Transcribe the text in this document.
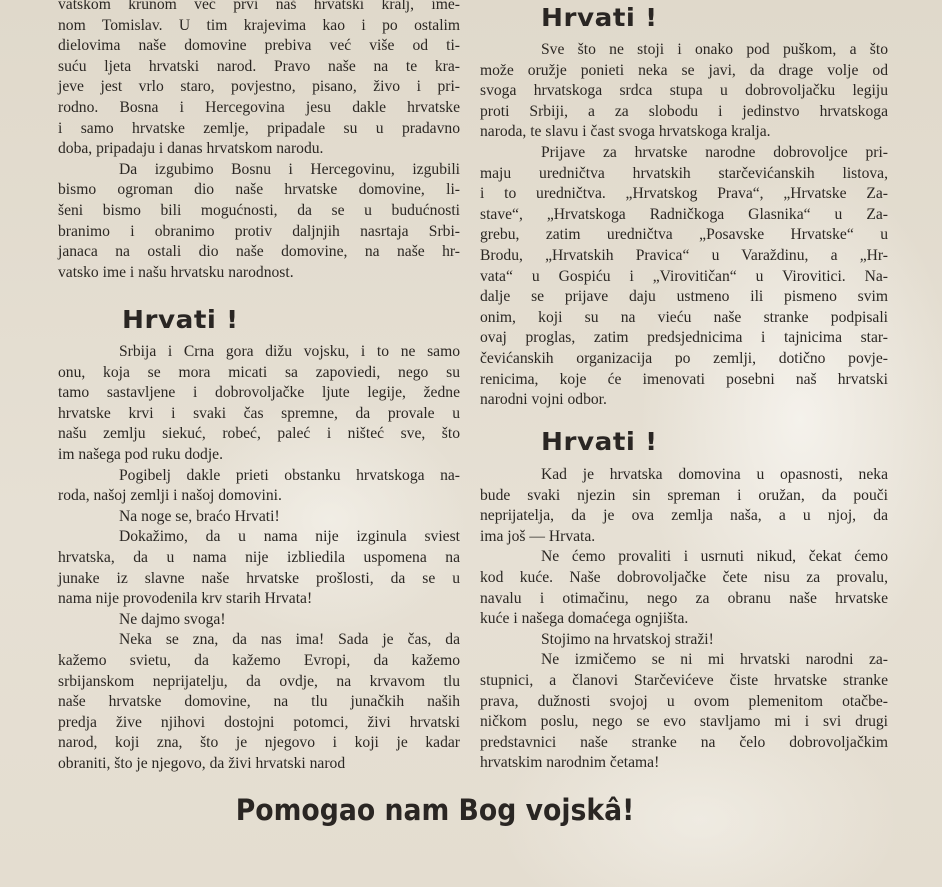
vatskom krunom već prvi naš hrvatski kralj, ime-
nom Tomislav. U tim krajevima kao i po ostalim
dielovima naše domovine prebiva već više od ti-
suću ljeta hrvatski narod. Pravo naše na te kra-
jeve jest vrlo staro, povjestno, pisano, živo i pri-
rodno. Bosna i Hercegovina jesu dakle hrvatske
i samo hrvatske zemlje, pripadale su u pradavno
doba, pripadaju i danas hrvatskom narodu.
Da izgubimo Bosnu i Hercegovinu, izgubili
bismo ogroman dio naše hrvatske domovine, li-
šeni bismo bili mogućnosti, da se u budućnosti
branimo i obranimo protiv daljnjih nasrtaja Srbi-
janaca na ostali dio naše domovine, na naše hr-
vatsko ime i našu hrvatsku narodnost.
Hrvati !
Srbija i Crna gora dižu vojsku, i to ne samo
onu, koja se mora micati sa zapoviedi, nego su
tamo sastavljene i dobrovoljačke ljute legije, žedne
hrvatske krvi i svaki čas spremne, da provale u
našu zemlju siekuć, robeć, paleć i ništeć sve, što
im našega pod ruku dodje.
Pogibelj dakle prieti obstanku hrvatskoga na-
roda, našoj zemlji i našoj domovini.
Na noge se, braćo Hrvati!
Dokažimo, da u nama nije izginula sviest
hrvatska, da u nama nije izbliedila uspomena na
junake iz slavne naše hrvatske prošlosti, da se u
nama nije provodenila krv starih Hrvata!
Ne dajmo svoga!
Neka se zna, da nas ima! Sada je čas, da
kažemo svietu, da kažemo Evropi, da kažemo
srbijanskom neprijatelju, da ovdje, na krvavom tlu
naše hrvatske domovine, na tlu junačkih naših
predja žive njihovi dostojni potomci, živi hrvatski
narod, koji zna, što je njegovo i koji je kadar
obraniti, što je njegovo, da živi hrvatski narod
Hrvati !
Sve što ne stoji i onako pod puškom, a što
može oružje ponieti neka se javi, da drage volje od
svoga hrvatskoga srdca stupa u dobrovoljačku legiju
proti Srbiji, a za slobodu i jedinstvo hrvatskoga
naroda, te slavu i čast svoga hrvatskoga kralja.
Prijave za hrvatske narodne dobrovoljce pri-
maju uredničtva hrvatskih starčevićanskih listova,
i to uredničtva. „Hrvatskog Prava“, „Hrvatske Za-
stave“, „Hrvatskoga Radničkoga Glasnika“ u Za-
grebu, zatim uredničtva „Posavske Hrvatske“ u
Brodu, „Hrvatskih Pravica“ u Varaždinu, a „Hr-
vata“ u Gospiću i „Virovitičan“ u Virovitici. Na-
dalje se prijave daju ustmeno ili pismeno svim
onim, koji su na vieću naše stranke podpisali
ovaj proglas, zatim predsjednicima i tajnicima star-
čevićanskih organizacija po zemlji, dotično povje-
renicima, koje će imenovati posebni naš hrvatski
narodni vojni odbor.
Hrvati !
Kad je hrvatska domovina u opasnosti, neka
bude svaki njezin sin spreman i oružan, da pouči
neprijatelja, da je ova zemlja naša, a u njoj, da
ima još — Hrvata.
Ne ćemo provaliti i usrnuti nikud, čekat ćemo
kod kuće. Naše dobrovoljačke čete nisu za provalu,
navalu i otimačinu, nego za obranu naše hrvatske
kuće i našega domaćega ognjišta.
Stojimo na hrvatskoj straži!
Ne izmičemo se ni mi hrvatski narodni za-
stupnici, a članovi Starčevićeve čiste hrvatske stranke
prava, dužnosti svojoj u ovom plemenitom otačbe-
ničkom poslu, nego se evo stavljamo mi i svi drugi
predstavnici naše stranke na čelo dobrovoljačkim
hrvatskim narodnim četama!
Pomogao nam Bog vojskâ!
